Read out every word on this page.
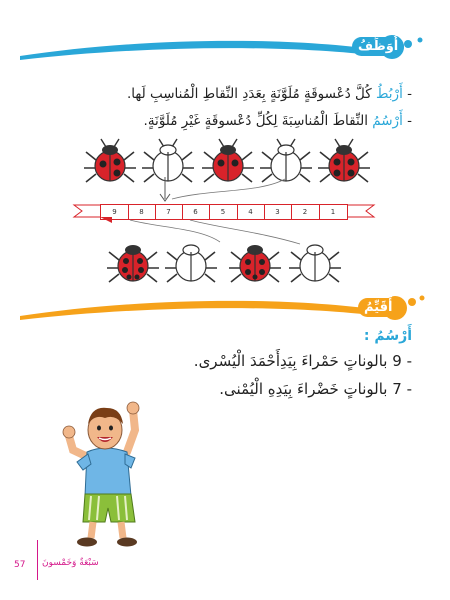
أُوَظِّفُ
- أَرْبُطُ كُلَّ دُعْسوقَةٍ مُلَوَّنَةٍ بِعَدَدِ النِّقاطِ الْمُناسِبِ لَها.
- أَرْسُمُ النِّقاطَ الْمُناسِبَةَ لِكُلِّ دُعْسوقَةٍ غَيْرِ مُلَوَّنَةٍ.
9	8	7	6	5	4	3	2	1
أَقَيِّمُ
أَرْسُمُ :
- 9 بالوناتٍ حَمْراءَ بِيَدِأَحْمَدَ الْيُسْرى.
- 7 بالوناتٍ خَضْراءَ بِيَدِهِ الْيُمْنى.
57 سَبْعَةٌ وَخَمْسونَ
